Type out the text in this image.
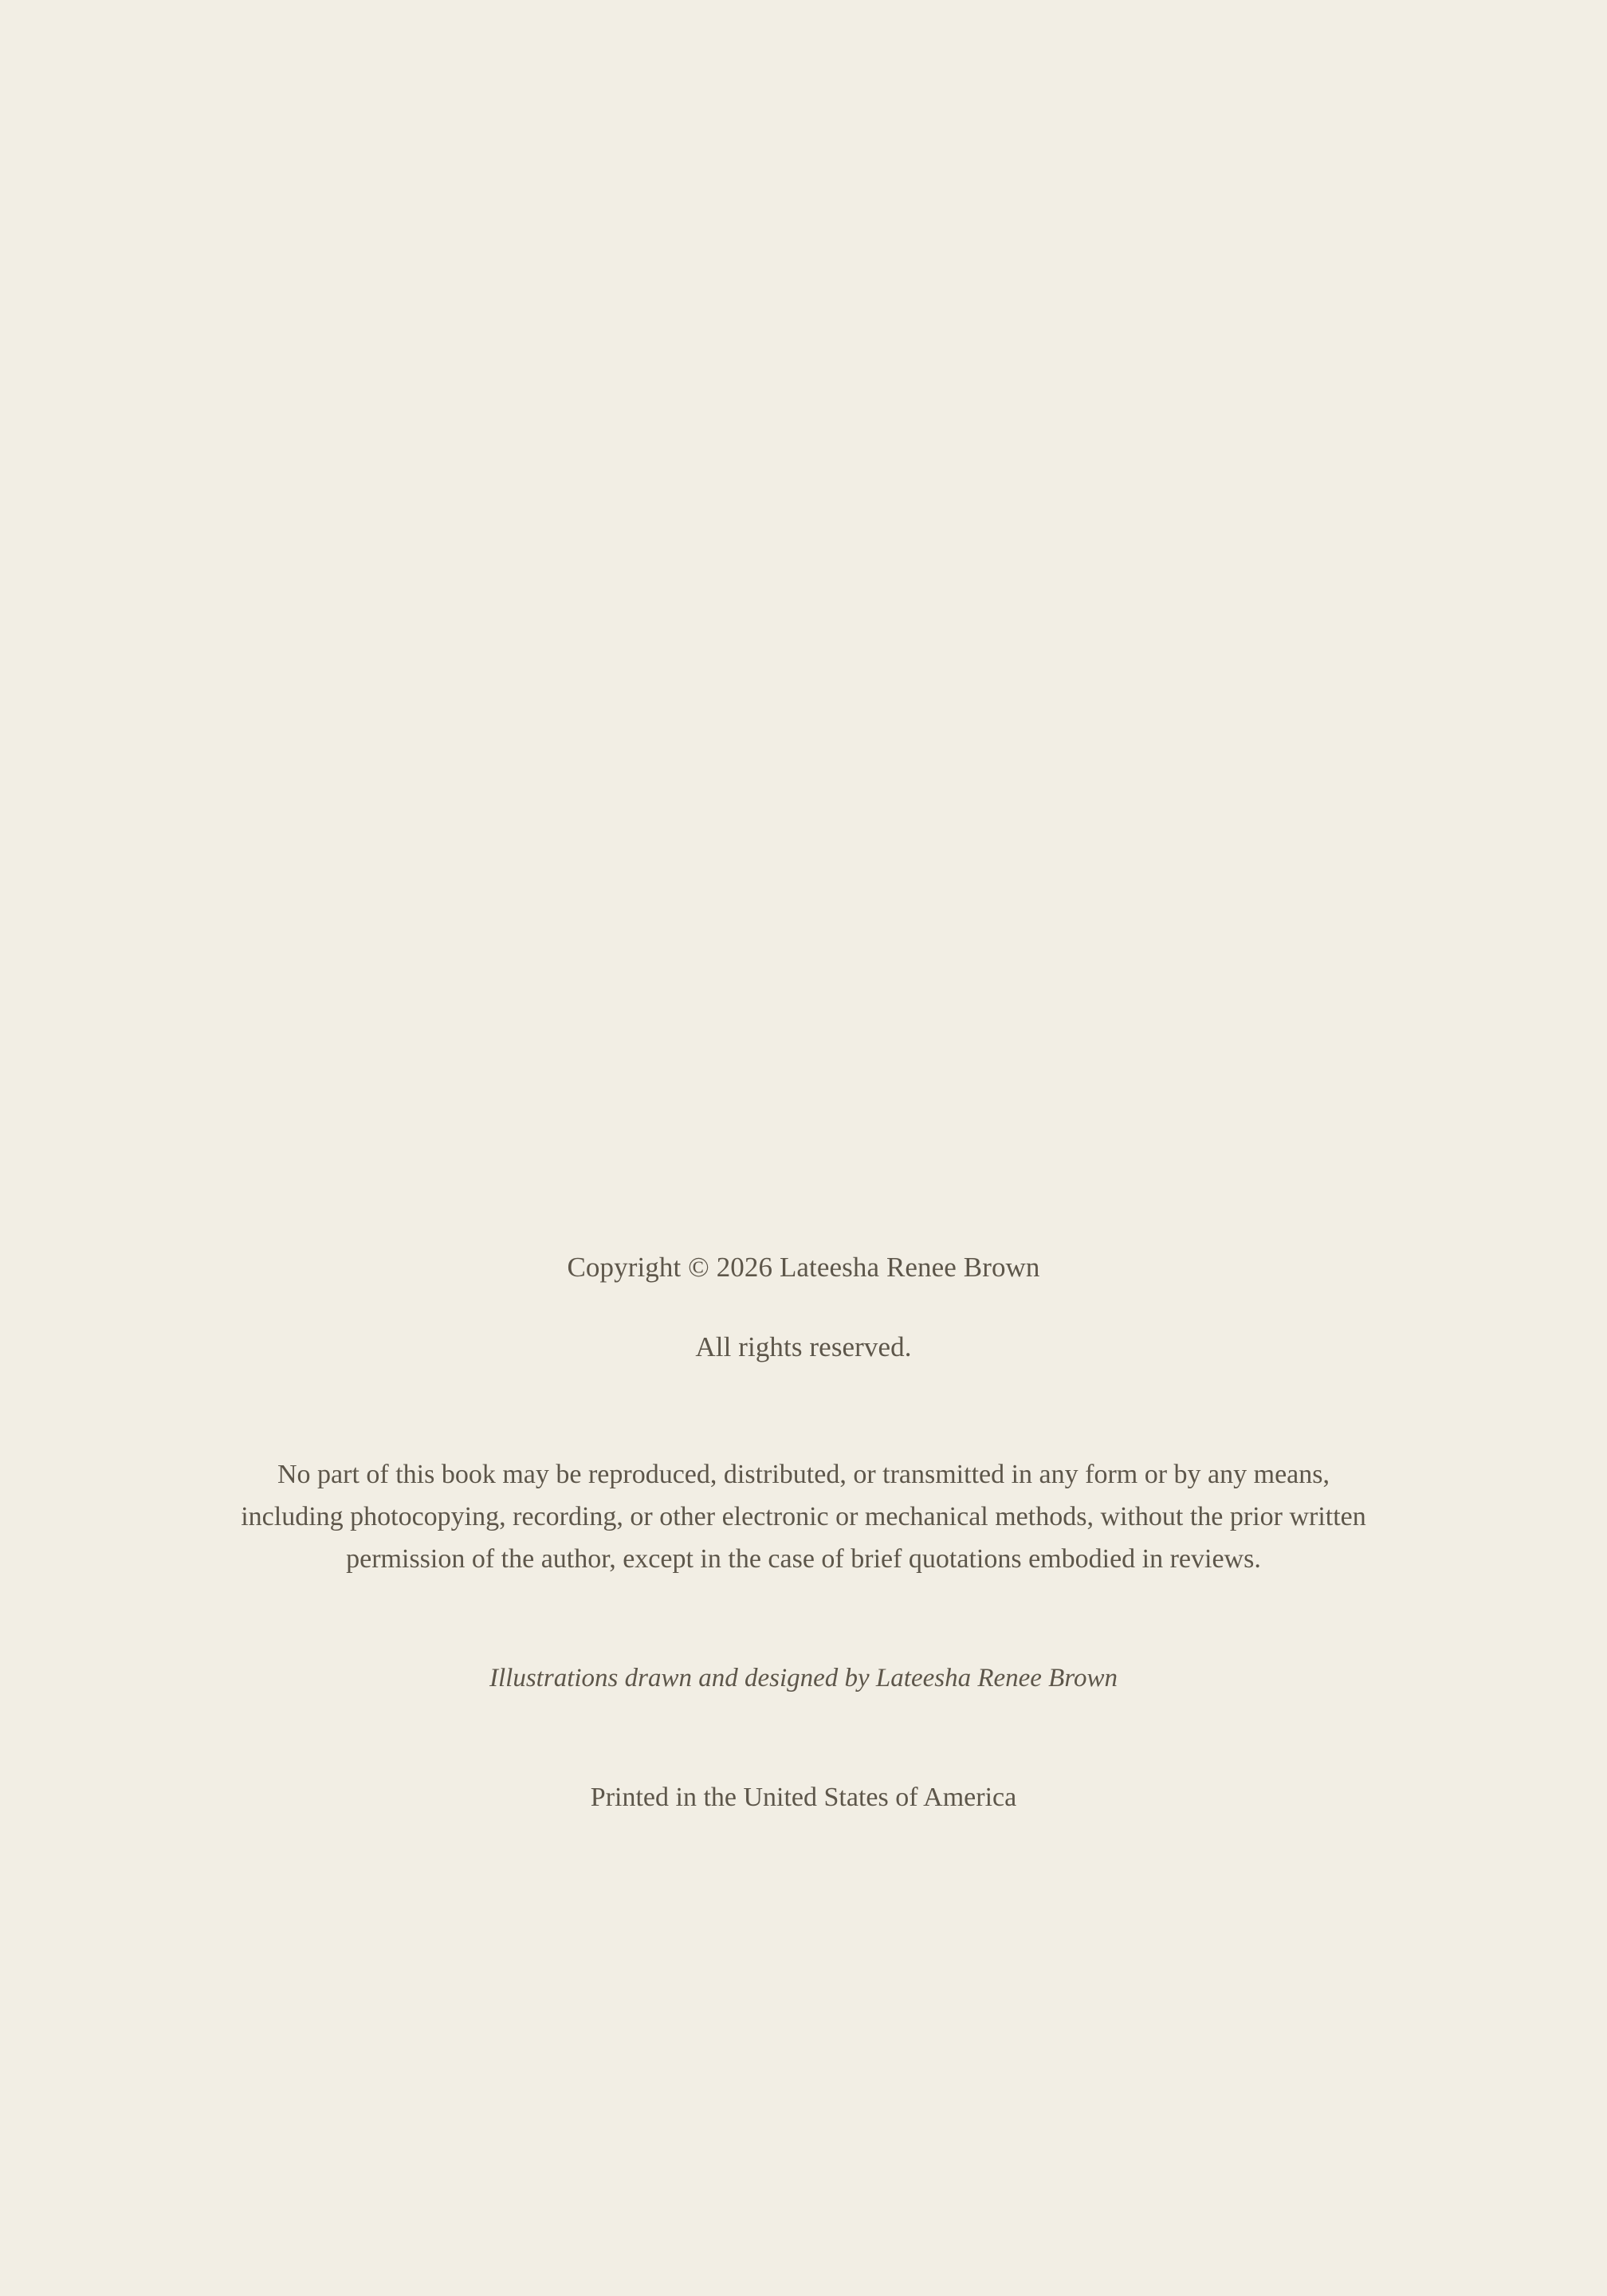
Copyright © 2026 Lateesha Renee Brown

All rights reserved.

No part of this book may be reproduced, distributed, or transmitted in any form or by any means, including photocopying, recording, or other electronic or mechanical methods, without the prior written permission of the author, except in the case of brief quotations embodied in reviews.

Illustrations drawn and designed by Lateesha Renee Brown

Printed in the United States of America
